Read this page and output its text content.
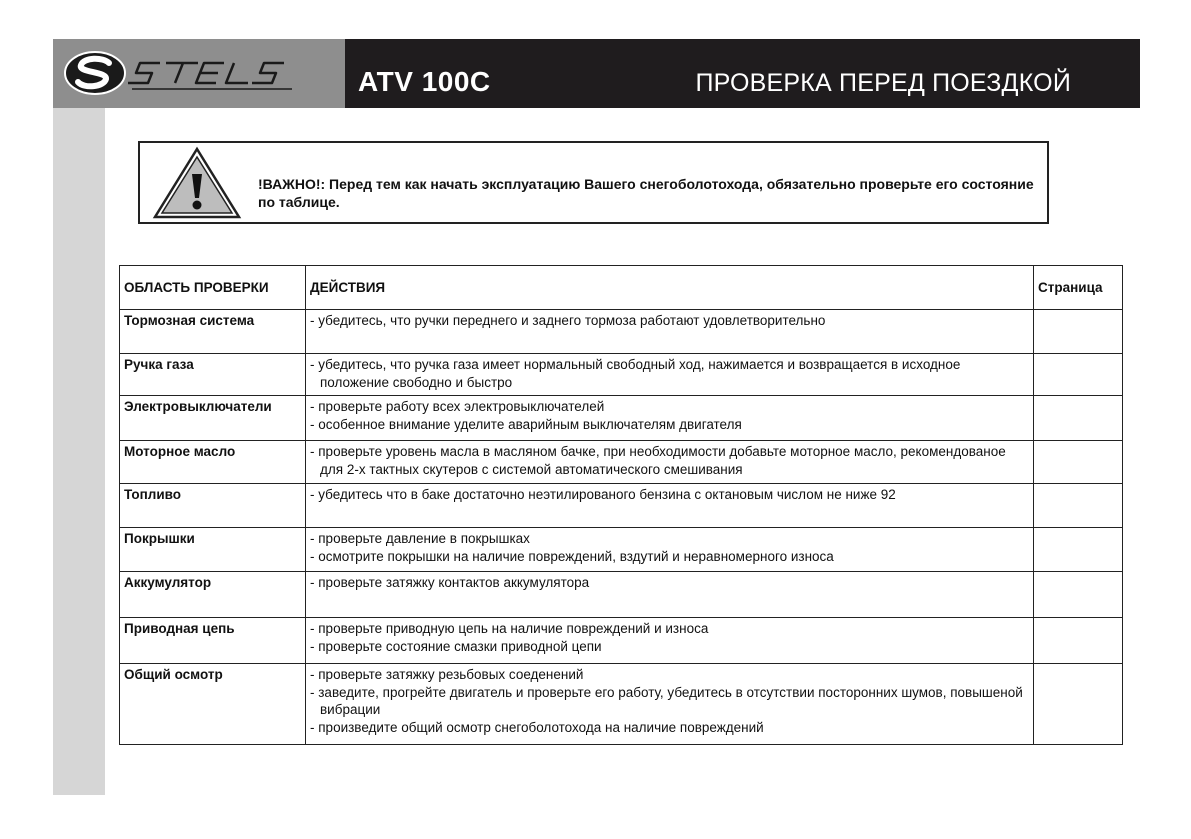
ATV 100C	ПРОВЕРКА ПЕРЕД ПОЕЗДКОЙ
!ВАЖНО!: Перед тем как начать эксплуатацию Вашего снегоболотохода, обязательно проверьте его состояние по таблице.
ОБЛАСТЬ ПРОВЕРКИ	ДЕЙСТВИЯ	Страница
Тормозная система	- убедитесь, что ручки переднего и заднего тормоза работают удовлетворительно	

Ручка газа	- убедитесь, что ручка газа имеет нормальный свободный ход, нажимается и возвращается в исходное положение свободно и быстро	

Электровыключатели	- проверьте работу всех электровыключателей
- особенное внимание уделите аварийным выключателям двигателя	

Моторное масло	- проверьте уровень масла в масляном бачке, при необходимости добавьте моторное масло, рекомендованое для 2-х тактных скутеров с системой автоматического смешивания	

Топливо	- убедитесь что в баке достаточно неэтилированого бензина с октановым числом не ниже 92	

Покрышки	- проверьте давление в покрышках
- осмотрите покрышки на наличие повреждений, вздутий и неравномерного износа	

Аккумулятор	- проверьте затяжку контактов аккумулятора	

Приводная цепь	- проверьте приводную цепь на наличие повреждений и износа
- проверьте состояние смазки приводной цепи	

Общий осмотр	- проверьте затяжку резьбовых соеденений
- заведите, прогрейте двигатель и проверьте его работу, убедитесь в отсутствии посторонних шумов, повышеной вибрации
- произведите общий осмотр снегоболотохода на наличие повреждений	
